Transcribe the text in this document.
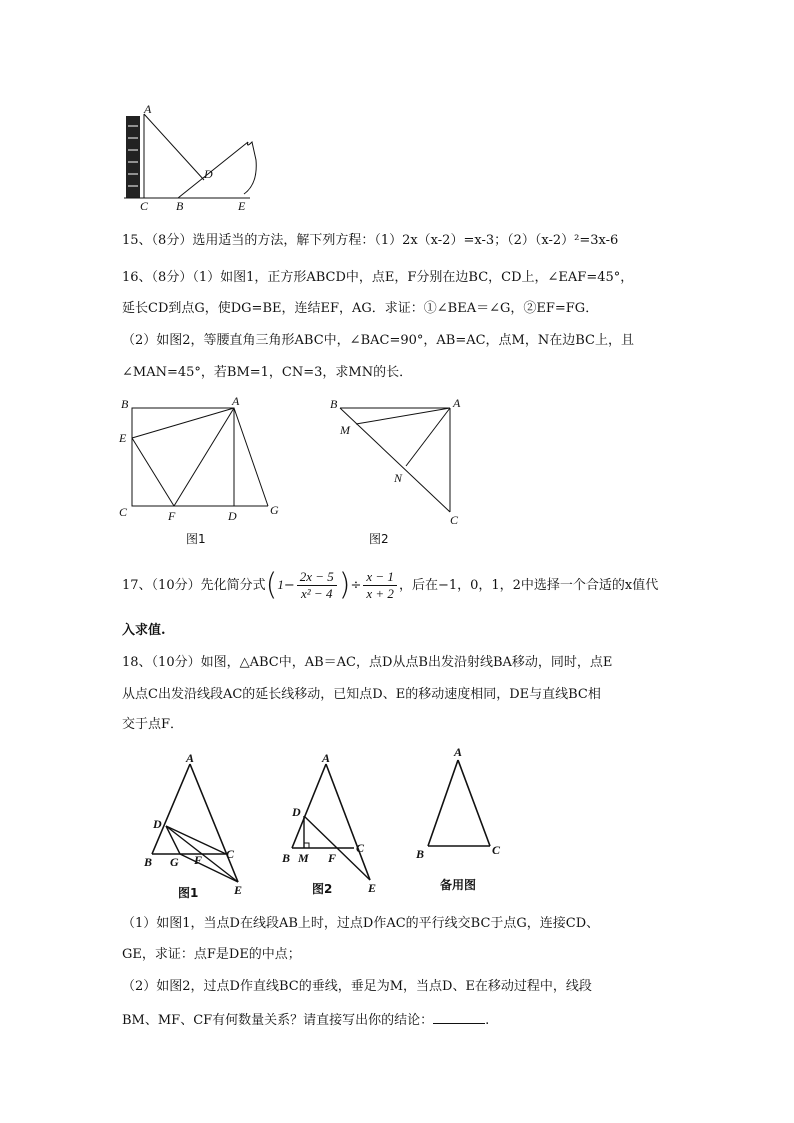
A
D
C B	E
15、（8分）选用适当的方法，解下列方程：（1）2x（x-2）=x-3；（2）（x-2）²=3x-6
16、（8分）（1）如图1，正方形ABCD中，点E，F分别在边BC，CD上，∠EAF=45°，
延长CD到点G，使DG=BE，连结EF，AG．求证：①∠BEA＝∠G，②EF=FG．
（2）如图2，等腰直角三角形ABC中，∠BAC=90°，AB=AC，点M，N在边BC上，且
∠MAN=45°，若BM=1，CN=3，求MN的长．
B	A
E
C	F	D	G
图1
B	A
M
N
C
图2
17、（10分）先化简分式($1- \frac{2x - 5}{\text{x² − 4}}$ )÷ $\frac{x - 1}{x + 2}$ ，后在−1，0，1，2中选择一个合适的x值代
入求值.
18、（10分）如图，△ABC中，AB＝AC，点D从点B出发沿射线BA移动，同时，点E
从点C出发沿线段AC的延长线移动，已知点D、E的移动速度相同，DE与直线BC相
交于点F．
A
D
B G F C
E
图1
A
D
B M F
C
E
图2
A
B	C
备用图
（1）如图1，当点D在线段AB上时，过点D作AC的平行线交BC于点G，连接CD、
GE，求证：点F是DE的中点；
（2）如图2，过点D作直线BC的垂线，垂足为M，当点D、E在移动过程中，线段
BM、MF、CF有何数量关系？请直接写出你的结论：	.
